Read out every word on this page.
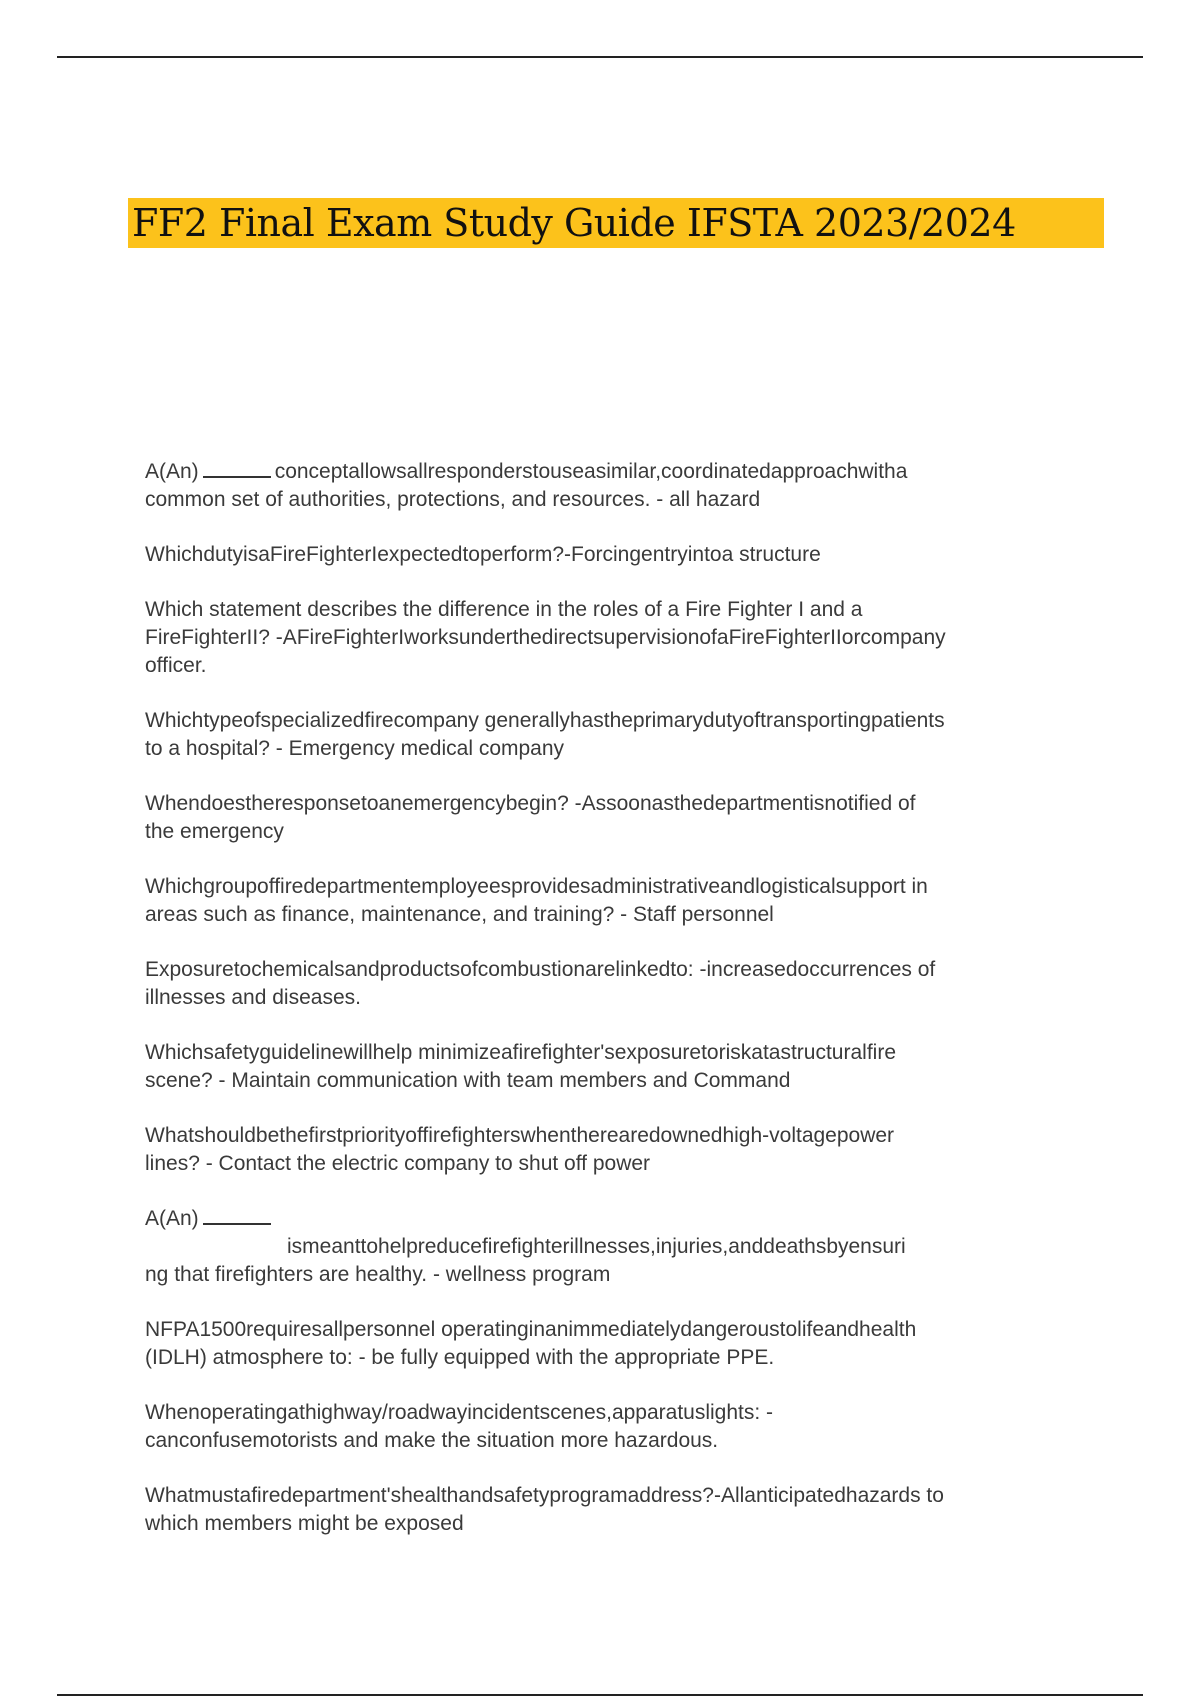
FF2 Final Exam Study Guide IFSTA 2023/2024
A(An)	conceptallowsallresponderstouseasimilar,coordinatedapproachwitha
common set of authorities, protections, and resources. - all hazard
WhichdutyisaFireFighterIexpectedtoperform?-Forcingentryintoa structure
Which statement describes the difference in the roles of a Fire Fighter I and a
FireFighterII? -AFireFighterIworksunderthedirectsupervisionofaFireFighterIIorcompany
officer.
Whichtypeofspecializedfirecompany generallyhastheprimarydutyoftransportingpatients
to a hospital? - Emergency medical company
Whendoestheresponsetoanemergencybegin? -Assoonasthedepartmentisnotified of
the emergency
Whichgroupoffiredepartmentemployeesprovidesadministrativeandlogisticalsupport in
areas such as finance, maintenance, and training? - Staff personnel
Exposuretochemicalsandproductsofcombustionarelinkedto: -increasedoccurrences of
illnesses and diseases.
Whichsafetyguidelinewillhelp minimizeafirefighter'sexposuretoriskatastructuralfire
scene? - Maintain communication with team members and Command
Whatshouldbethefirstpriorityoffirefighterswhentherearedownedhigh-voltagepower
lines? - Contact the electric company to shut off power
A(An)
ismeanttohelpreducefirefighterillnesses,injuries,anddeathsbyensuri
ng that firefighters are healthy. - wellness program
NFPA1500requiresallpersonnel operatinginanimmediatelydangeroustolifeandhealth
(IDLH) atmosphere to: - be fully equipped with the appropriate PPE.
Whenoperatingathighway/roadwayincidentscenes,apparatuslights: -
canconfusemotorists and make the situation more hazardous.
Whatmustafiredepartment'shealthandsafetyprogramaddress?-Allanticipatedhazards to
which members might be exposed
